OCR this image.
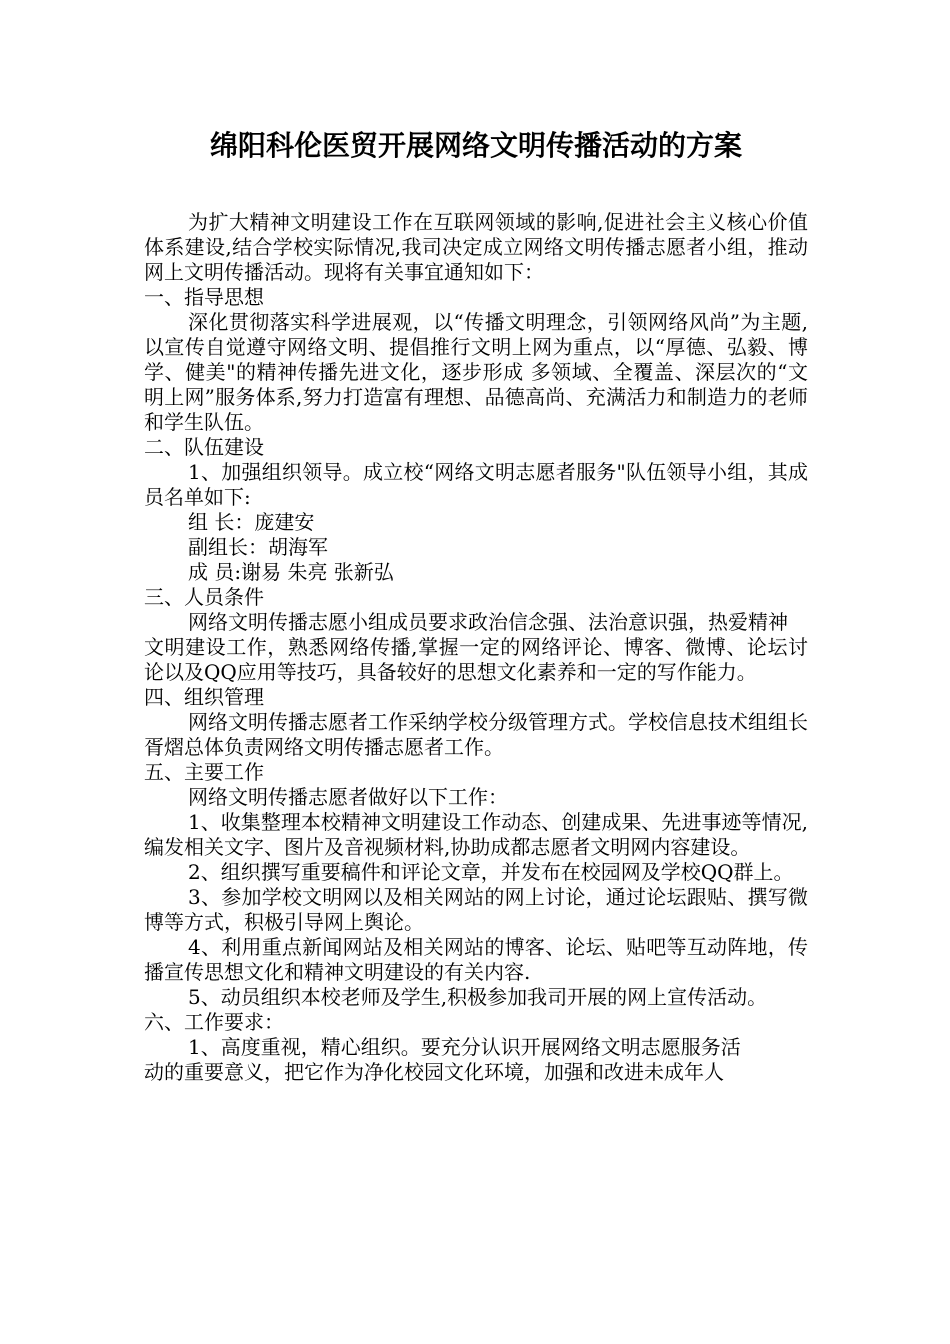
绵阳科伦医贸开展网络文明传播活动的方案

为扩大精神文明建设工作在互联网领域的影响,促进社会主义核心价值体系建设,结合学校实际情况,我司决定成立网络文明传播志愿者小组，推动网上文明传播活动。现将有关事宜通知如下：

一、指导思想

深化贯彻落实科学进展观，以“传播文明理念，引领网络风尚”为主题,以宣传自觉遵守网络文明、提倡推行文明上网为重点，以“厚德、弘毅、博学、健美"的精神传播先进文化，逐步形成 多领域、全覆盖、深层次的“文明上网”服务体系,努力打造富有理想、品德高尚、充满活力和制造力的老师和学生队伍。

二、队伍建设

1、加强组织领导。成立校“网络文明志愿者服务"队伍领导小组，其成员名单如下:

组 长：庞建安

副组长：胡海军

成 员:谢易 朱亮 张新弘

三、人员条件

网络文明传播志愿小组成员要求政治信念强、法治意识强，热爱精神

文明建设工作，熟悉网络传播,掌握一定的网络评论、博客、微博、论坛讨论以及QQ应用等技巧，具备较好的思想文化素养和一定的写作能力。

四、组织管理

网络文明传播志愿者工作采纳学校分级管理方式。学校信息技术组组长胥熠总体负责网络文明传播志愿者工作。

五、主要工作

网络文明传播志愿者做好以下工作：

1、收集整理本校精神文明建设工作动态、创建成果、先进事迹等情况,编发相关文字、图片及音视频材料,协助成都志愿者文明网内容建设。

2、组织撰写重要稿件和评论文章，并发布在校园网及学校QQ群上。

3、参加学校文明网以及相关网站的网上讨论，通过论坛跟贴、撰写微博等方式，积极引导网上舆论。

4、利用重点新闻网站及相关网站的博客、论坛、贴吧等互动阵地，传播宣传思想文化和精神文明建设的有关内容.

5、动员组织本校老师及学生,积极参加我司开展的网上宣传活动。

六、工作要求：

1、高度重视，精心组织。要充分认识开展网络文明志愿服务活
动的重要意义，把它作为净化校园文化环境，加强和改进未成年人
